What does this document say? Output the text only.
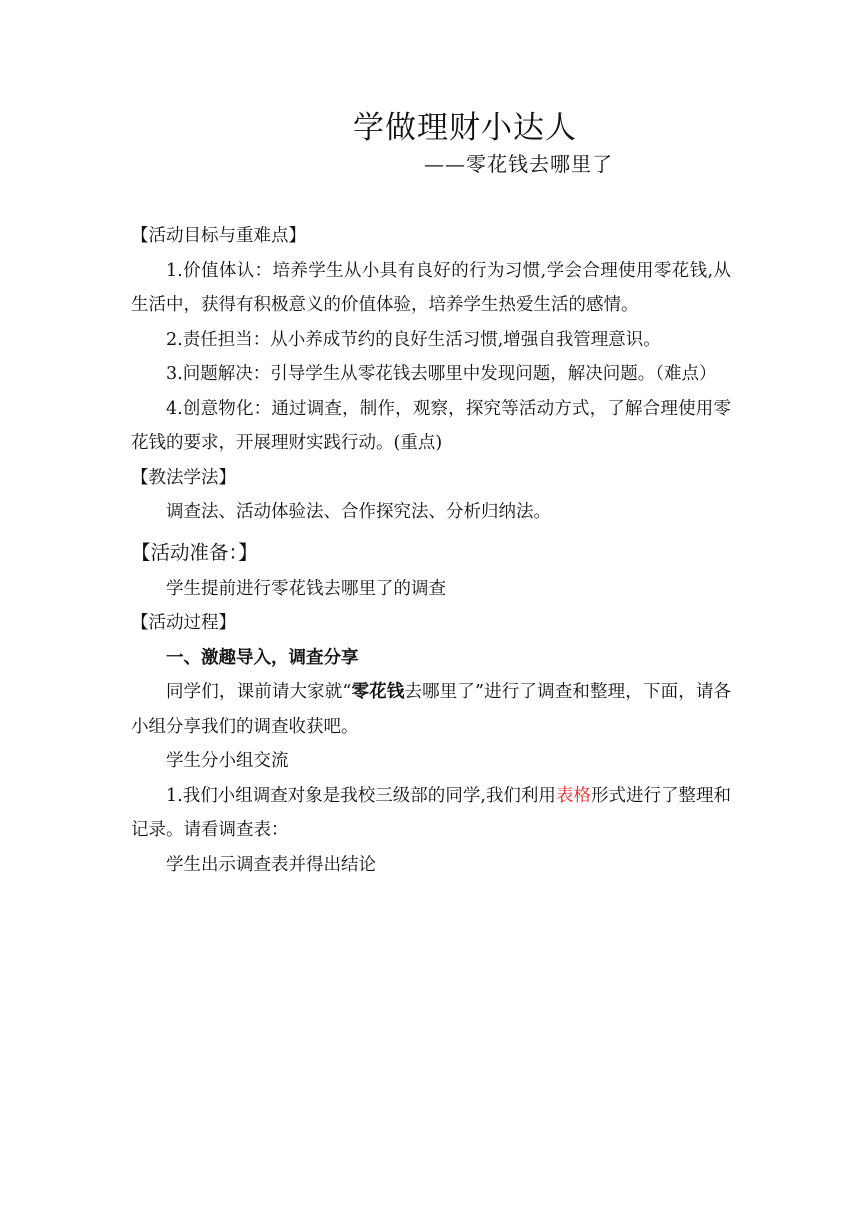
学做理财小达人
——零花钱去哪里了

【活动目标与重难点】

1.价值体认：培养学生从小具有良好的行为习惯,学会合理使用零花钱,从生活中，获得有积极意义的价值体验，培养学生热爱生活的感情。

2.责任担当：从小养成节约的良好生活习惯,增强自我管理意识。

3.问题解决：引导学生从零花钱去哪里中发现问题，解决问题。（难点）

4.创意物化：通过调查，制作，观察，探究等活动方式，了解合理使用零花钱的要求，开展理财实践行动。(重点)

【教法学法】

调查法、活动体验法、合作探究法、分析归纳法。

【活动准备：】

学生提前进行零花钱去哪里了的调查

【活动过程】

一、激趣导入，调查分享

同学们，课前请大家就“零花钱去哪里了”进行了调查和整理，下面，请各小组分享我们的调查收获吧。

学生分小组交流

1.我们小组调查对象是我校三级部的同学,我们利用表格形式进行了整理和记录。请看调查表：

学生出示调查表并得出结论
